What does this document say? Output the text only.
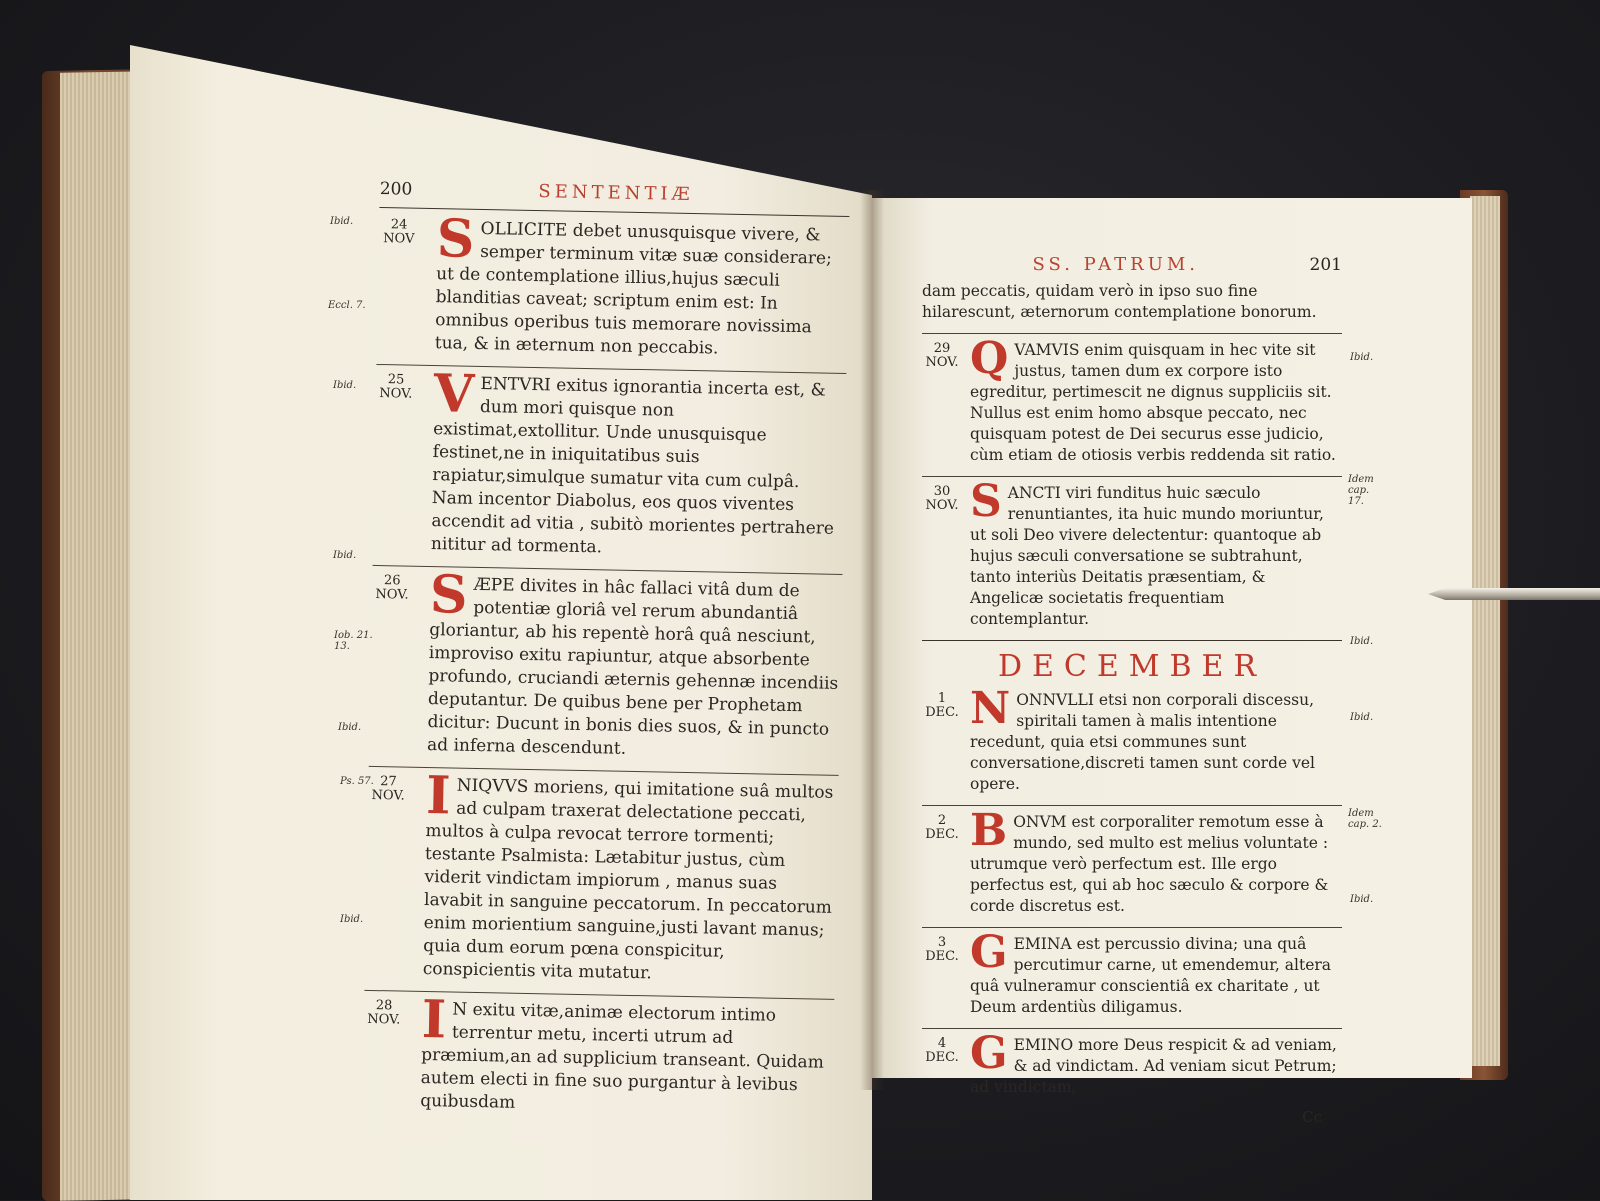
200	SENTENTIÆ
24
NOV S OLLICITE debet unusquisque vivere, & semper terminum vitæ suæ considerare; ut de contemplatione illius,hujus sæculi blanditias caveat; scriptum enim est: In omnibus operibus tuis memorare novissima tua, & in æternum non peccabis.
25
NOV. V ENTVRI exitus ignorantia incerta est, & dum mori quisque non existimat,extollitur. Unde unusquisque festinet,ne in iniquitatibus suis rapiatur,simulque sumatur vita cum culpâ. Nam incentor Diabolus, eos quos viventes accendit ad vitia , subitò morientes pertrahere nititur ad tormenta.
26
NOV. S ÆPE divites in hâc fallaci vitâ dum de potentiæ gloriâ vel rerum abundantiâ gloriantur, ab his repentè horâ quâ nesciunt, improviso exitu rapiuntur, atque absorbente profundo, cruciandi æternis gehennæ incendiis deputantur. De quibus bene per Prophetam dicitur: Ducunt in bonis dies suos, & in puncto ad inferna descendunt.
27
NOV. I NIQVVS moriens, qui imitatione suâ multos ad culpam traxerat delectatione peccati, multos à culpa revocat terrore tormenti; testante Psalmista: Lætabitur justus, cùm viderit vindictam impiorum , manus suas lavabit in sanguine peccatorum. In peccatorum enim morientium sanguine,justi lavant manus; quia dum eorum pœna conspicitur, conspicientis vita mutatur.
28
NOV. I N exitu vitæ,animæ electorum intimo terrentur metu, incerti utrum ad præmium,an ad supplicium transeant. Quidam autem electi in fine suo purgantur à levibus quibusdam
Ibid.
Eccl. 7.
Ibid.
Ibid.
Iob. 21. 13.
Ibid.
Ps. 57.
Ibid.
SS. PATRUM.	201
dam peccatis, quidam verò in ipso suo fine hilarescunt, æternorum contemplatione bonorum.
29
NOV. Q VAMVIS enim quisquam in hec vite sit justus, tamen dum ex corpore isto egreditur, pertimescit ne dignus suppliciis sit. Nullus est enim homo absque peccato, nec quisquam potest de Dei securus esse judicio, cùm etiam de otiosis verbis reddenda sit ratio.
30
NOV. S ANCTI viri funditus huic sæculo renuntiantes, ita huic mundo moriuntur, ut soli Deo vivere delectentur: quantoque ab hujus sæculi conversatione se subtrahunt, tanto interiùs Deitatis præsentiam, & Angelicæ societatis frequentiam contemplantur.
DECEMBER
1
DEC. N ONNVLLI etsi non corporali discessu, spiritali tamen à malis intentione recedunt, quia etsi communes sunt conversatione,discreti tamen sunt corde vel opere.
2
DEC. B ONVM est corporaliter remotum esse à mundo, sed multo est melius voluntate : utrumque verò perfectum est. Ille ergo perfectus est, qui ab hoc sæculo & corpore & corde discretus est.
3
DEC. G EMINA est percussio divina; una quâ percutimur carne, ut emendemur, altera quâ vulneramur conscientiâ ex charitate , ut Deum ardentiùs diligamus.
4
DEC. G EMINO more Deus respicit & ad veniam, & ad vindictam. Ad veniam sicut Petrum; ad vindictam,
Cc
Ibid.
Idem cap. 17.
Ibid.
Ibid.
Idem cap. 2.
Ibid.
